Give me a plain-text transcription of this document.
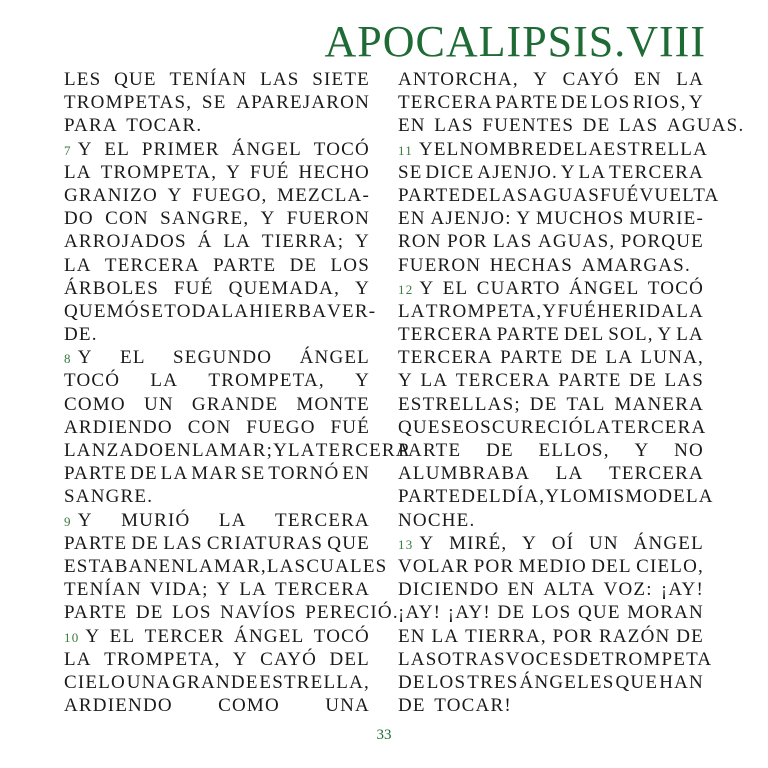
APOCALIPSIS.VIII
LES QUE TENÍAN LAS SIETE
TROMPETAS, SE APAREJARON
PARA TOCAR.
7 Y EL PRIMER ÁNGEL TOCÓ
LA TROMPETA, Y FUÉ HECHO
GRANIZO Y FUEGO, MEZCLA-
DO CON SANGRE, Y FUERON
ARROJADOS Á LA TIERRA; Y
LA TERCERA PARTE DE LOS
ÁRBOLES FUÉ QUEMADA, Y
QUEMÓSE TODA LA HIERBA VER-
DE.
8 Y EL SEGUNDO ÁNGEL
TOCÓ LA TROMPETA, Y
COMO UN GRANDE MONTE
ARDIENDO CON FUEGO FUÉ
LANZADO EN LA MAR; Y LA TERCERA
PARTE DE LA MAR SE TORNÓ EN
SANGRE.
9 Y MURIÓ LA TERCERA
PARTE DE LAS CRIATURAS QUE
ESTABAN EN LA MAR, LAS CUALES
TENÍAN VIDA; Y LA TERCERA
PARTE DE LOS NAVÍOS PERECIÓ.
10 Y EL TERCER ÁNGEL TOCÓ
LA TROMPETA, Y CAYÓ DEL
CIELO UNA GRANDE ESTRELLA,
ARDIENDO COMO UNA
ANTORCHA, Y CAYÓ EN LA
TERCERA PARTE DE LOS RIOS, Y
EN LAS FUENTES DE LAS AGUAS.
11 Y EL NOMBRE DE LA ESTRELLA
SE DICE AJENJO. Y LA TERCERA
PARTE DE LAS AGUAS FUÉ VUELTA
EN AJENJO: Y MUCHOS MURIE-
RON POR LAS AGUAS, PORQUE
FUERON HECHAS AMARGAS.
12 Y EL CUARTO ÁNGEL TOCÓ
LA TROMPETA, Y FUÉ HERIDA LA
TERCERA PARTE DEL SOL, Y LA
TERCERA PARTE DE LA LUNA,
Y LA TERCERA PARTE DE LAS
ESTRELLAS; DE TAL MANERA
QUE SE OSCURECIÓ LA TERCERA
PARTE DE ELLOS, Y NO
ALUMBRABA LA TERCERA
PARTE DEL DÍA, Y LO MISMO DE LA
NOCHE.
13 Y MIRÉ, Y OÍ UN ÁNGEL
VOLAR POR MEDIO DEL CIELO,
DICIENDO EN ALTA VOZ: ¡AY!
¡AY! ¡AY! DE LOS QUE MORAN
EN LA TIERRA, POR RAZÓN DE
LAS OTRAS VOCES DE TROMPETA
DE LOS TRES ÁNGELES QUE HAN
DE TOCAR!
33
